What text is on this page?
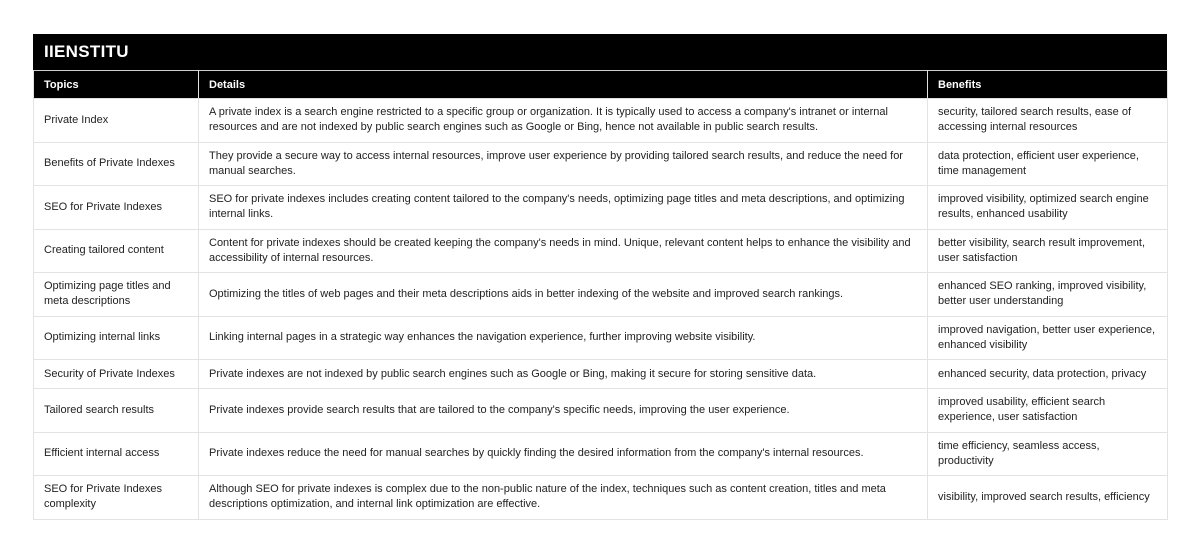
IIENSTITU
Topics	Details	Benefits
Private Index	A private index is a search engine restricted to a specific group or organization. It is typically used to access a company's intranet or internal resources and are not indexed by public search engines such as Google or Bing, hence not available in public search results.	security, tailored search results, ease of accessing internal resources
Benefits of Private Indexes	They provide a secure way to access internal resources, improve user experience by providing tailored search results, and reduce the need for manual searches.	data protection, efficient user experience, time management
SEO for Private Indexes	SEO for private indexes includes creating content tailored to the company's needs, optimizing page titles and meta descriptions, and optimizing internal links.	improved visibility, optimized search engine results, enhanced usability
Creating tailored content	Content for private indexes should be created keeping the company's needs in mind. Unique, relevant content helps to enhance the visibility and accessibility of internal resources.	better visibility, search result improvement, user satisfaction
Optimizing page titles and meta descriptions	Optimizing the titles of web pages and their meta descriptions aids in better indexing of the website and improved search rankings.	enhanced SEO ranking, improved visibility, better user understanding
Optimizing internal links	Linking internal pages in a strategic way enhances the navigation experience, further improving website visibility.	improved navigation, better user experience, enhanced visibility
Security of Private Indexes	Private indexes are not indexed by public search engines such as Google or Bing, making it secure for storing sensitive data.	enhanced security, data protection, privacy
Tailored search results	Private indexes provide search results that are tailored to the company's specific needs, improving the user experience.	improved usability, efficient search experience, user satisfaction
Efficient internal access	Private indexes reduce the need for manual searches by quickly finding the desired information from the company's internal resources.	time efficiency, seamless access, productivity
SEO for Private Indexes complexity	Although SEO for private indexes is complex due to the non-public nature of the index, techniques such as content creation, titles and meta descriptions optimization, and internal link optimization are effective.	visibility, improved search results, efficiency
